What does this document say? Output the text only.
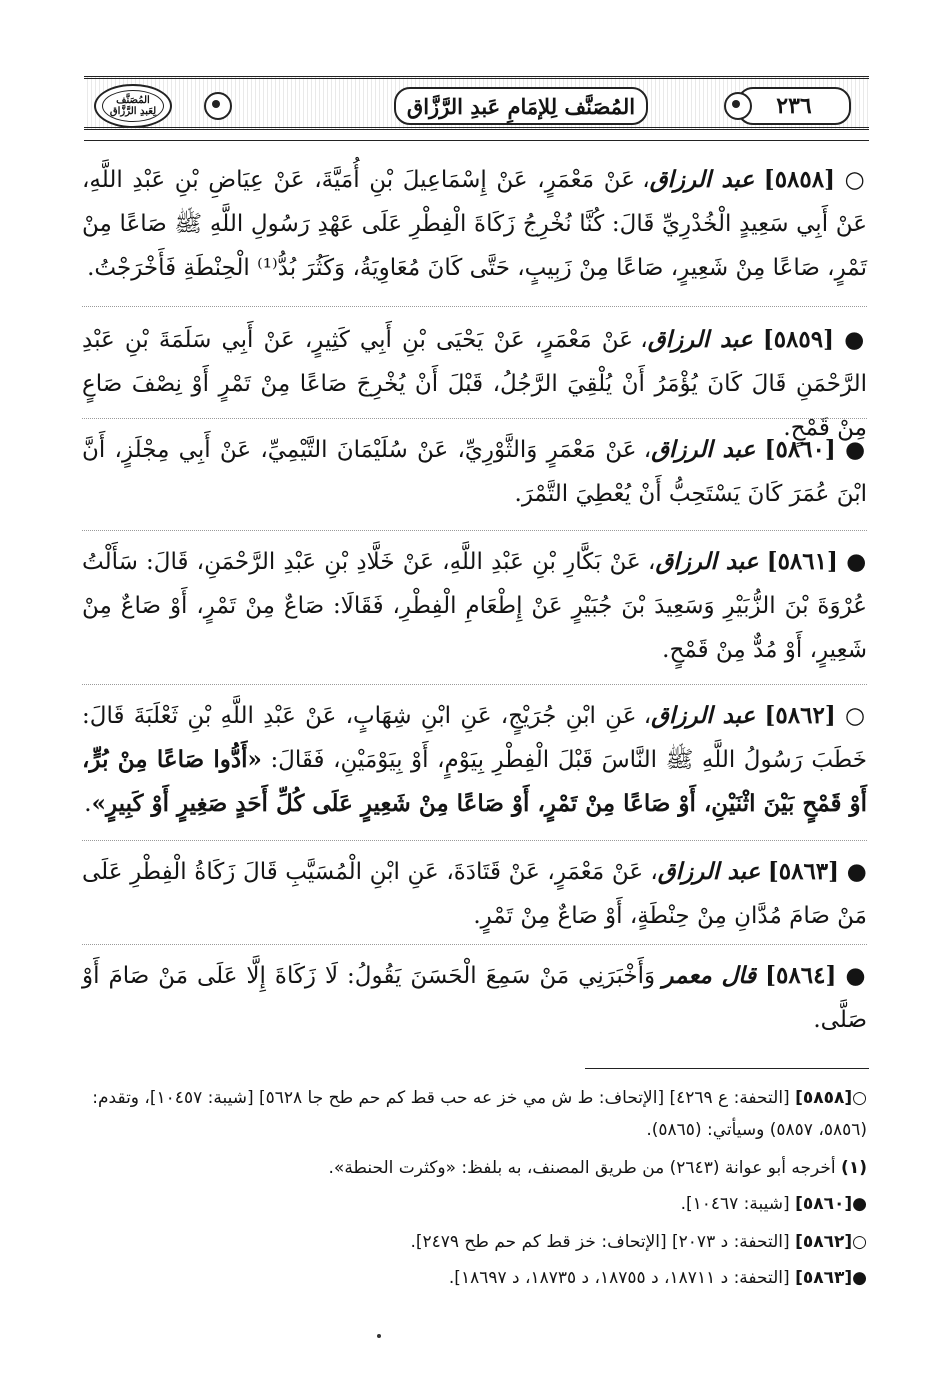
٢٣٦
المُصَنَّف لِلإمَامِ عَبدِ الرَّزَّاق
المُصَنَّف
لِعَبدِ الرَّزَّاق

○ [٥٨٥٨] عبد الرزاق، عَنْ مَعْمَرٍ، عَنْ إِسْمَاعِيلَ بْنِ أُمَيَّةَ، عَنْ عِيَاضِ بْنِ عَبْدِ اللَّهِ، عَنْ أَبِي سَعِيدٍ الْخُدْرِيِّ قَالَ: كُنَّا نُخْرِجُ زَكَاةَ الْفِطْرِ عَلَى عَهْدِ رَسُولِ اللَّهِ ﷺ صَاعًا مِنْ تَمْرٍ، صَاعًا مِنْ شَعِيرٍ، صَاعًا مِنْ زَبِيبٍ، حَتَّى كَانَ مُعَاوِيَةُ، وَكَثُرَ بُدُّ⁽¹⁾ الْحِنْطَةِ فَأَخْرَجْتُ.

● [٥٨٥٩] عبد الرزاق، عَنْ مَعْمَرٍ، عَنْ يَحْيَى بْنِ أَبِي كَثِيرٍ، عَنْ أَبِي سَلَمَةَ بْنِ عَبْدِ الرَّحْمَنِ قَالَ كَانَ يُؤْمَرُ أَنْ يُلْقِيَ الرَّجُلُ، قَبْلَ أَنْ يُخْرِجَ صَاعًا مِنْ تَمْرٍ أَوْ نِصْفَ صَاعٍ مِنْ قَمْحٍ.

● [٥٨٦٠] عبد الرزاق، عَنْ مَعْمَرٍ وَالثَّوْرِيِّ، عَنْ سُلَيْمَانَ التَّيْمِيِّ، عَنْ أَبِي مِجْلَزٍ، أَنَّ ابْنَ عُمَرَ كَانَ يَسْتَحِبُّ أَنْ يُعْطِيَ التَّمْرَ.

● [٥٨٦١] عبد الرزاق، عَنْ بَكَّارِ بْنِ عَبْدِ اللَّهِ، عَنْ خَلَّادِ بْنِ عَبْدِ الرَّحْمَنِ، قَالَ: سَأَلْتُ عُرْوَةَ بْنَ الزُّبَيْرِ وَسَعِيدَ بْنَ جُبَيْرٍ عَنْ إِطْعَامِ الْفِطْرِ، فَقَالَا: صَاعٌ مِنْ تَمْرٍ، أَوْ صَاعٌ مِنْ شَعِيرٍ، أَوْ مُدٌّ مِنْ قَمْحٍ.

○ [٥٨٦٢] عبد الرزاق، عَنِ ابْنِ جُرَيْجٍ، عَنِ ابْنِ شِهَابٍ، عَنْ عَبْدِ اللَّهِ بْنِ ثَعْلَبَةَ قَالَ: خَطَبَ رَسُولُ اللَّهِ ﷺ النَّاسَ قَبْلَ الْفِطْرِ بِيَوْمٍ، أَوْ بِيَوْمَيْنِ، فَقَالَ: «أَدُّوا صَاعًا مِنْ بُرٍّ، أَوْ قَمْحٍ بَيْنَ اثْنَيْنِ، أَوْ صَاعًا مِنْ تَمْرٍ، أَوْ صَاعًا مِنْ شَعِيرٍ عَلَى كُلِّ أَحَدٍ صَغِيرٍ أَوْ كَبِيرٍ».

● [٥٨٦٣] عبد الرزاق، عَنْ مَعْمَرٍ، عَنْ قَتَادَةَ، عَنِ ابْنِ الْمُسَيَّبِ قَالَ زَكَاةُ الْفِطْرِ عَلَى مَنْ صَامَ مُدَّانِ مِنْ حِنْطَةٍ، أَوْ صَاعٌ مِنْ تَمْرٍ.

● [٥٨٦٤] قال معمر وَأَخْبَرَنِي مَنْ سَمِعَ الْحَسَنَ يَقُولُ: لَا زَكَاةَ إِلَّا عَلَى مَنْ صَامَ أَوْ صَلَّى.

○[٥٨٥٨] [التحفة: ع ٤٢٦٩] [الإتحاف: ط ش مي خز عه حب قط كم حم طح جا ٥٦٢٨] [شيبة: ١٠٤٥٧]، وتقدم: (٥٨٥٦، ٥٨٥٧) وسيأتي: (٥٨٦٥).

(١) أخرجه أبو عوانة (٢٦٤٣) من طريق المصنف، به بلفظ: «وكثرت الحنطة».

●[٥٨٦٠] [شيبة: ١٠٤٦٧].

○[٥٨٦٢] [التحفة: د ٢٠٧٣] [الإتحاف: خز قط كم حم طح ٢٤٧٩].

●[٥٨٦٣] [التحفة: د ١٨٧١١، د ١٨٧٥٥، د ١٨٧٣٥، د ١٨٦٩٧].
